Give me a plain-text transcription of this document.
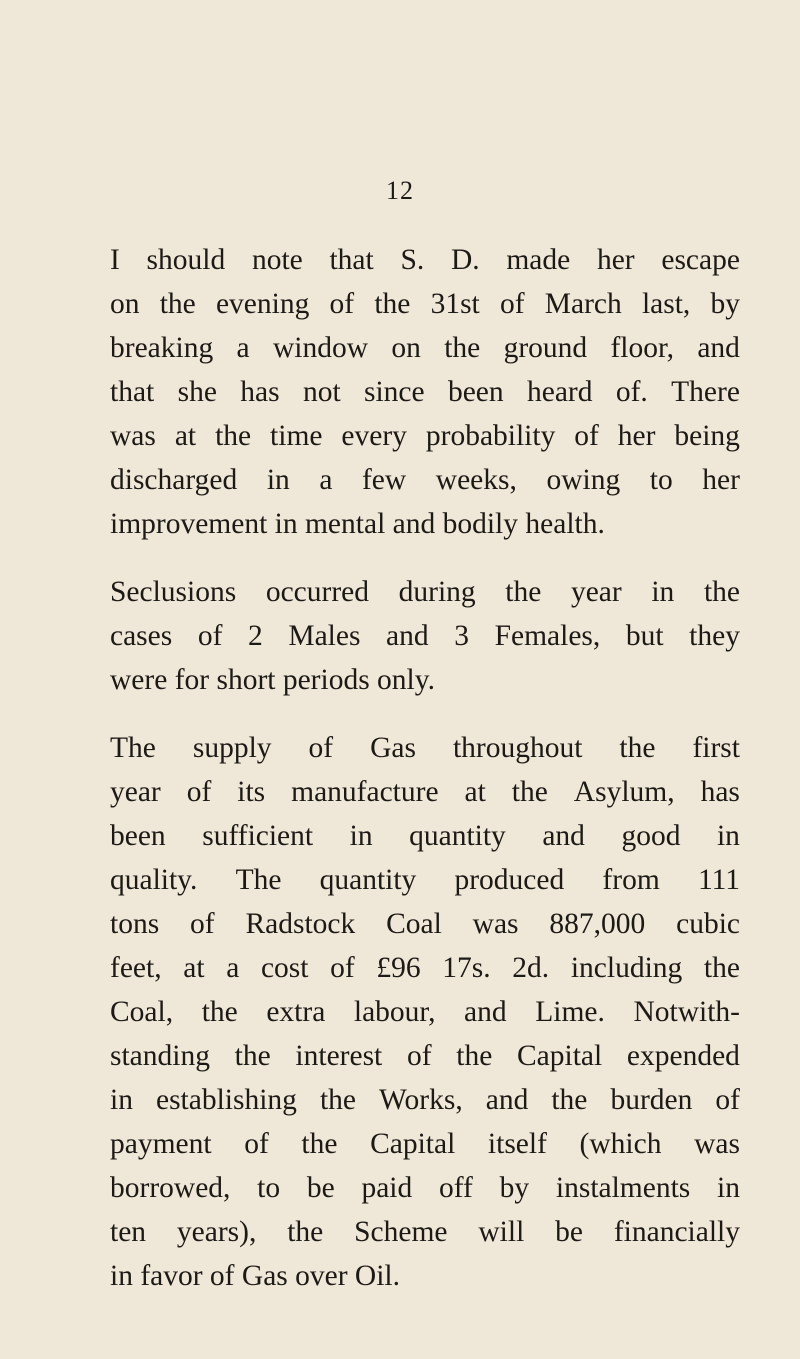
12
I should note that S. D. made her escape
on the evening of the 31st of March last, by
breaking a window on the ground floor, and
that she has not since been heard of. There
was at the time every probability of her being
discharged in a few weeks, owing to her
improvement in mental and bodily health.
Seclusions occurred during the year in the
cases of 2 Males and 3 Females, but they
were for short periods only.
The supply of Gas throughout the first
year of its manufacture at the Asylum, has
been sufficient in quantity and good in
quality. The quantity produced from 111
tons of Radstock Coal was 887,000 cubic
feet, at a cost of £96 17s. 2d. including the
Coal, the extra labour, and Lime. Notwith-
standing the interest of the Capital expended
in establishing the Works, and the burden of
payment of the Capital itself (which was
borrowed, to be paid off by instalments in
ten years), the Scheme will be financially
in favor of Gas over Oil.
